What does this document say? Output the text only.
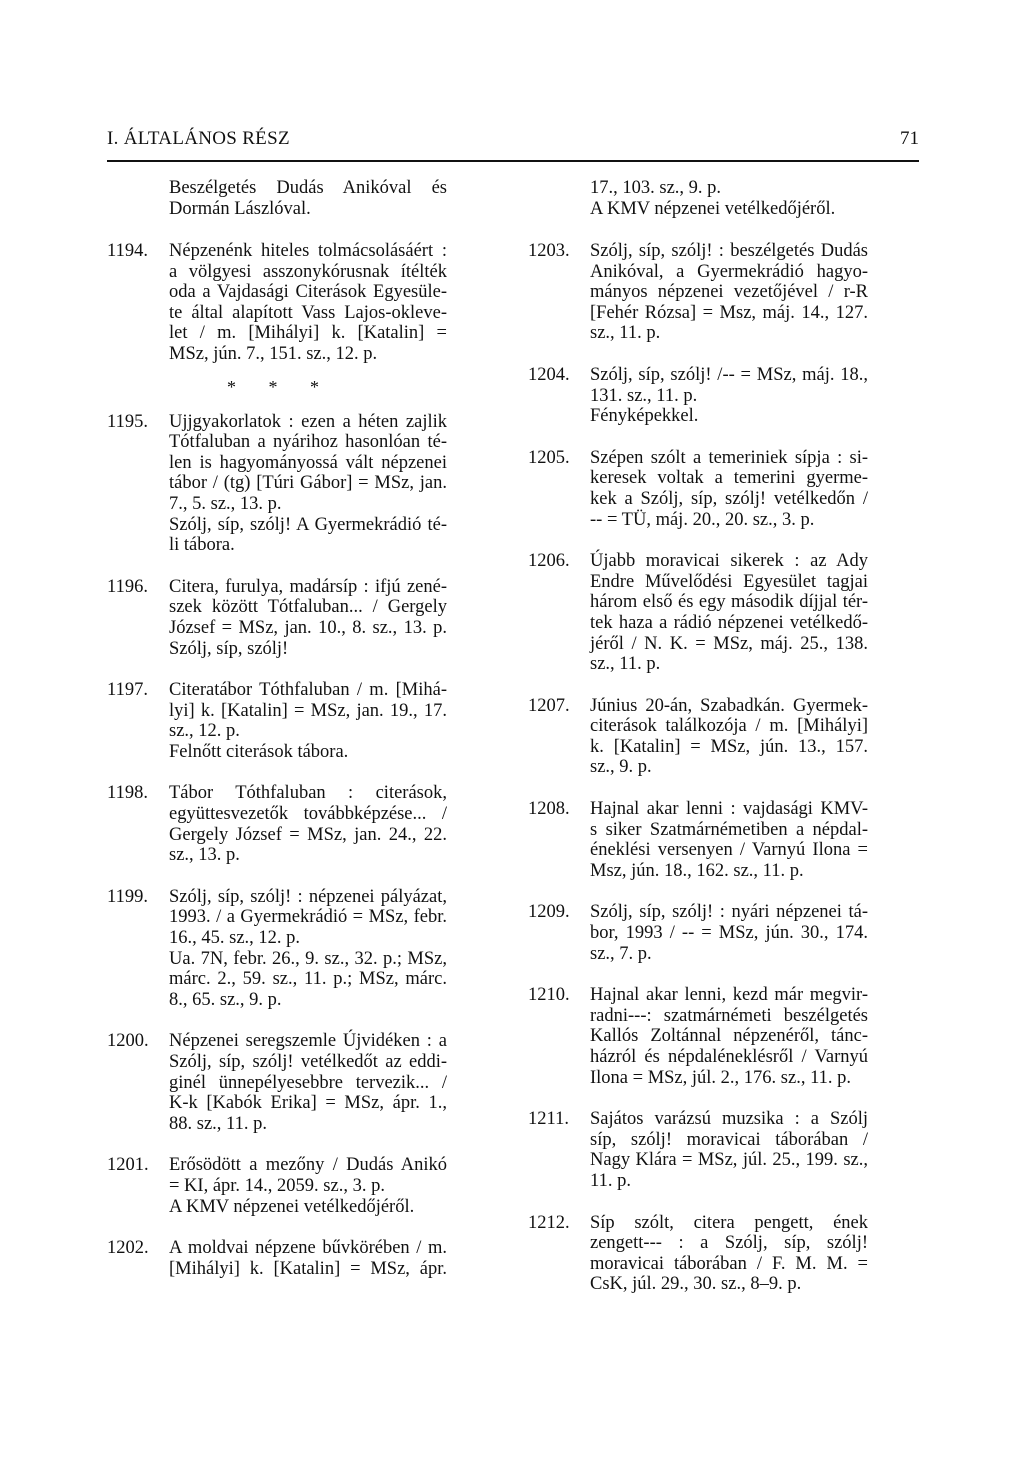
I. ÁLTALÁNOS RÉSZ	71
Beszélgetés Dudás Anikóval és
Dormán Lászlóval.
1194.	Népzenénk hiteles tolmácsolásáért :
a völgyesi asszonykórusnak ítélték
oda a Vajdasági Citerások Egyesüle-
te által alapított Vass Lajos-okleve-
let / m. [Mihályi] k. [Katalin] =
MSz, jún. 7., 151. sz., 12. p.
* * *
1195.	Ujjgyakorlatok : ezen a héten zajlik
Tótfaluban a nyárihoz hasonlóan té-
len is hagyományossá vált népzenei
tábor / (tg) [Túri Gábor] = MSz, jan.
7., 5. sz., 13. p.
Szólj, síp, szólj! A Gyermekrádió té-
li tábora.
1196.	Citera, furulya, madársíp : ifjú zené-
szek között Tótfaluban... / Gergely
József = MSz, jan. 10., 8. sz., 13. p.
Szólj, síp, szólj!
1197.	Citeratábor Tóthfaluban / m. [Mihá-
lyi] k. [Katalin] = MSz, jan. 19., 17.
sz., 12. p.
Felnőtt citerások tábora.
1198.	Tábor Tóthfaluban : citerások,
együttesvezetők továbbképzése... /
Gergely József = MSz, jan. 24., 22.
sz., 13. p.
1199.	Szólj, síp, szólj! : népzenei pályázat,
1993. / a Gyermekrádió = MSz, febr.
16., 45. sz., 12. p.
Ua. 7N, febr. 26., 9. sz., 32. p.; MSz,
márc. 2., 59. sz., 11. p.; MSz, márc.
8., 65. sz., 9. p.
1200.	Népzenei seregszemle Újvidéken : a
Szólj, síp, szólj! vetélkedőt az eddi-
ginél ünnepélyesebbre tervezik... /
K-k [Kabók Erika] = MSz, ápr. 1.,
88. sz., 11. p.
1201.	Erősödött a mezőny / Dudás Anikó
= KI, ápr. 14., 2059. sz., 3. p.
A KMV népzenei vetélkedőjéről.
1202.	A moldvai népzene bűvkörében / m.
[Mihályi] k. [Katalin] = MSz, ápr.
17., 103. sz., 9. p.
A KMV népzenei vetélkedőjéről.
1203.	Szólj, síp, szólj! : beszélgetés Dudás
Anikóval, a Gyermekrádió hagyo-
mányos népzenei vezetőjével / r-R
[Fehér Rózsa] = Msz, máj. 14., 127.
sz., 11. p.
1204.	Szólj, síp, szólj! /-- = MSz, máj. 18.,
131. sz., 11. p.
Fényképekkel.
1205.	Szépen szólt a temeriniek sípja : si-
keresek voltak a temerini gyerme-
kek a Szólj, síp, szólj! vetélkedőn /
-- = TÜ, máj. 20., 20. sz., 3. p.
1206.	Újabb moravicai sikerek : az Ady
Endre Művelődési Egyesület tagjai
három első és egy második díjjal tér-
tek haza a rádió népzenei vetélkedő-
jéről / N. K. = MSz, máj. 25., 138.
sz., 11. p.
1207.	Június 20-án, Szabadkán. Gyermek-
citerások találkozója / m. [Mihályi]
k. [Katalin] = MSz, jún. 13., 157.
sz., 9. p.
1208.	Hajnal akar lenni : vajdasági KMV-
s siker Szatmárnémetiben a népdal-
éneklési versenyen / Varnyú Ilona =
Msz, jún. 18., 162. sz., 11. p.
1209.	Szólj, síp, szólj! : nyári népzenei tá-
bor, 1993 / -- = MSz, jún. 30., 174.
sz., 7. p.
1210.	Hajnal akar lenni, kezd már megvir-
radni---: szatmárnémeti beszélgetés
Kallós Zoltánnal népzenéről, tánc-
házról és népdaléneklésről / Varnyú
Ilona = MSz, júl. 2., 176. sz., 11. p.
1211.	Sajátos varázsú muzsika : a Szólj
síp, szólj! moravicai táborában /
Nagy Klára = MSz, júl. 25., 199. sz.,
11. p.
1212.	Síp szólt, citera pengett, ének
zengett--- : a Szólj, síp, szólj!
moravicai táborában / F. M. M. =
CsK, júl. 29., 30. sz., 8–9. p.
